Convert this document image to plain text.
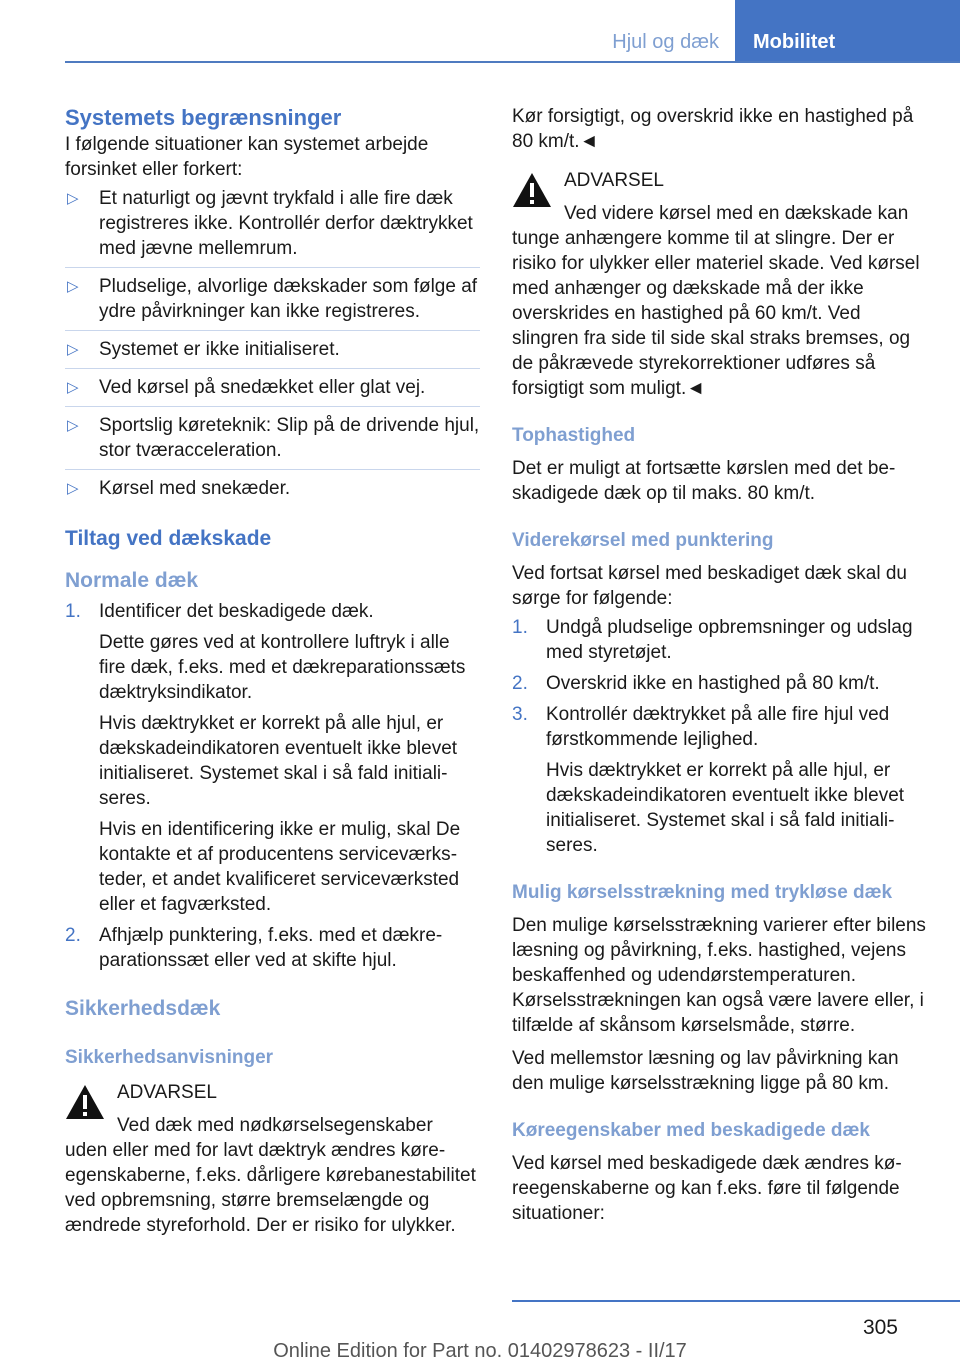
Hjul og dæk	Mobilitet

Systemets begrænsninger

I følgende situationer kan systemet arbejde forsinket eller forkert:

▷ Et naturligt og jævnt trykfald i alle fire dæk registreres ikke. Kontrollér derfor dæktrykket med jævne mellemrum.
▷ Pludselige, alvorlige dækskader som følge af ydre påvirkninger kan ikke registreres.
▷ Systemet er ikke initialiseret.
▷ Ved kørsel på snedækket eller glat vej.
▷ Sportslig køreteknik: Slip på de drivende hjul, stor tværacceleration.
▷ Kørsel med snekæder.

Tiltag ved dækskade

Normale dæk

1. Identificer det beskadigede dæk.

Dette gøres ved at kontrollere luftryk i alle fire dæk, f.eks. med et dækreparationssæts dæktryksindikator.

Hvis dæktrykket er korrekt på alle hjul, er dækskadeindikatoren eventuelt ikke blevet initialiseret. Systemet skal i så fald initialiseres.

Hvis en identificering ikke er mulig, skal De kontakte et af producentens serviceværksteder, et andet kvalificeret serviceværksted eller et fagværksted.

2. Afhjælp punktering, f.eks. med et dækreparationssæt eller ved at skifte hjul.

Sikkerhedsdæk

Sikkerhedsanvisninger

ADVARSEL

Ved dæk med nødkørselsegenskaber uden eller med for lavt dæktryk ændres køreegenskaberne, f.eks. dårligere kørebanestabilitet ved opbremsning, større bremselængde og ændrede styreforhold. Der er risiko for ulykker.

Kør forsigtigt, og overskrid ikke en hastighed på 80 km/t.◄

ADVARSEL

Ved videre kørsel med en dækskade kan tunge anhængere komme til at slingre. Der er risiko for ulykker eller materiel skade. Ved kørsel med anhænger og dækskade må der ikke overskrides en hastighed på 60 km/t. Ved slingren fra side til side skal straks bremses, og de påkrævede styrekorrektioner udføres så forsigtigt som muligt.◄

Tophastighed

Det er muligt at fortsætte kørslen med det beskadigede dæk op til maks. 80 km/t.

Viderekørsel med punktering

Ved fortsat kørsel med beskadiget dæk skal du sørge for følgende:

1. Undgå pludselige opbremsninger og udslag med styretøjet.

2. Overskrid ikke en hastighed på 80 km/t.

3. Kontrollér dæktrykket på alle fire hjul ved førstkommende lejlighed.

Hvis dæktrykket er korrekt på alle hjul, er dækskadeindikatoren eventuelt ikke blevet initialiseret. Systemet skal i så fald initialiseres.

Mulig kørselsstrækning med trykløse dæk

Den mulige kørselsstrækning varierer efter bilens læsning og påvirkning, f.eks. hastighed, vejens beskaffenhed og udendørstemperaturen. Kørselsstrækningen kan også være lavere eller, i tilfælde af skånsom kørselsmåde, større.

Ved mellemstor læsning og lav påvirkning kan den mulige kørselsstrækning ligge på 80 km.

Køreegenskaber med beskadigede dæk

Ved kørsel med beskadigede dæk ændres køreegenskaberne og kan f.eks. føre til følgende situationer:

305
Online Edition for Part no. 01402978623 - II/17
